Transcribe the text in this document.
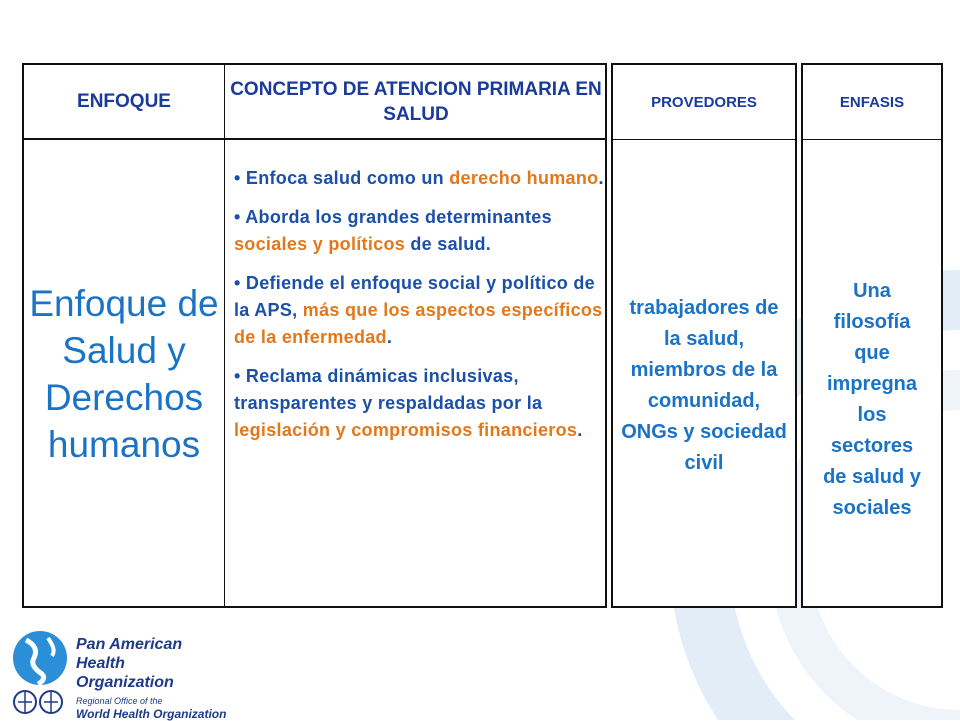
ENFOQUE
CONCEPTO DE ATENCION PRIMARIA EN SALUD
Enfoque de Salud y Derechos humanos

• Enfoca salud como un derecho humano.

• Aborda los grandes determinantes sociales y políticos de salud.

• Defiende el enfoque social y político de la APS, más que los aspectos específicos de la enfermedad.

• Reclama dinámicas inclusivas, transparentes y respaldadas por la legislación y compromisos financieros.

PROVEDORES
trabajadores de la salud, miembros de la comunidad, ONGs y sociedad civil
ENFASIS
Una filosofía que impregna los sectores de salud y sociales
Pan American
Health
Organization
Regional Office of the
World Health Organization
